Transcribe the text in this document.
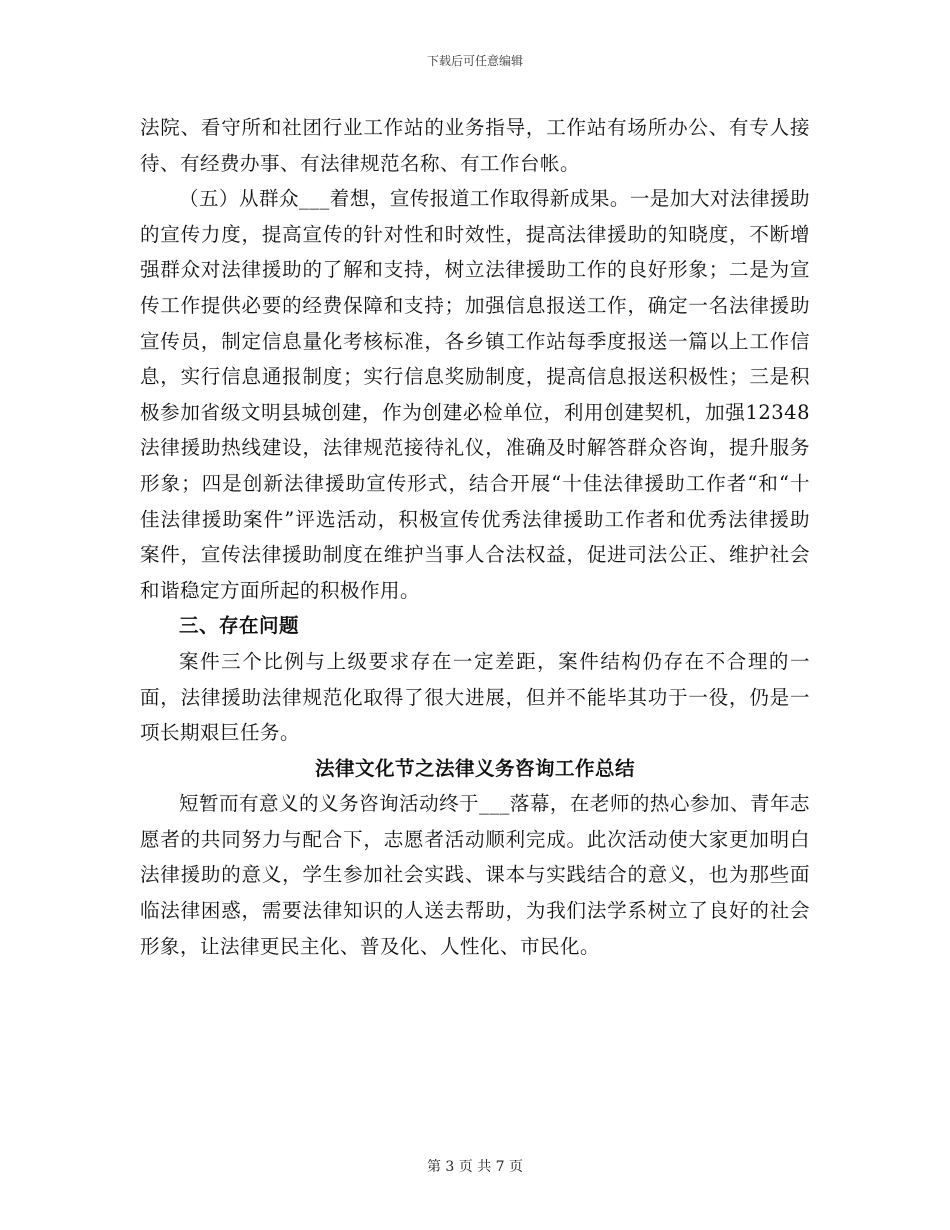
下载后可任意编辑

法院、看守所和社团行业工作站的业务指导，工作站有场所办公、有专人接待、有经费办事、有法律规范名称、有工作台帐。

（五）从群众___着想，宣传报道工作取得新成果。一是加大对法律援助的宣传力度，提高宣传的针对性和时效性，提高法律援助的知晓度，不断增强群众对法律援助的了解和支持，树立法律援助工作的良好形象；二是为宣传工作提供必要的经费保障和支持；加强信息报送工作，确定一名法律援助宣传员，制定信息量化考核标准，各乡镇工作站每季度报送一篇以上工作信息，实行信息通报制度；实行信息奖励制度，提高信息报送积极性；三是积极参加省级文明县城创建，作为创建必检单位，利用创建契机，加强12348法律援助热线建设，法律规范接待礼仪，准确及时解答群众咨询，提升服务形象；四是创新法律援助宣传形式，结合开展“十佳法律援助工作者“和“十佳法律援助案件”评选活动，积极宣传优秀法律援助工作者和优秀法律援助案件，宣传法律援助制度在维护当事人合法权益，促进司法公正、维护社会和谐稳定方面所起的积极作用。

三、存在问题

案件三个比例与上级要求存在一定差距，案件结构仍存在不合理的一面，法律援助法律规范化取得了很大进展，但并不能毕其功于一役，仍是一项长期艰巨任务。

法律文化节之法律义务咨询工作总结

短暂而有意义的义务咨询活动终于___落幕，在老师的热心参加、青年志愿者的共同努力与配合下，志愿者活动顺利完成。此次活动使大家更加明白法律援助的意义，学生参加社会实践、课本与实践结合的意义，也为那些面临法律困惑，需要法律知识的人送去帮助，为我们法学系树立了良好的社会形象，让法律更民主化、普及化、人性化、市民化。

第 3 页 共 7 页
